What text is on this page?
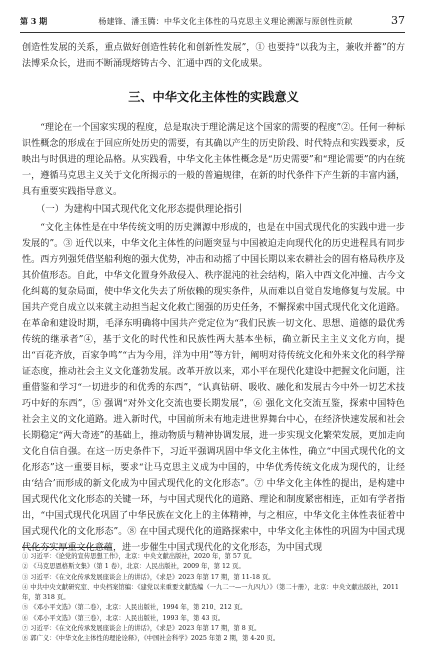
第 3 期	杨建锋、潘玉腾：中华文化主体性的马克思主义理论溯源与原创性贡献	37

创造性发展的关系，重点做好创造性转化和创新性发展”，① 也要持“以我为主，兼收并蓄”的方法博采众长，进而不断涌现熔铸古今、汇通中西的文化成果。

三、中华文化主体性的实践意义

“理论在一个国家实现的程度，总是取决于理论满足这个国家的需要的程度”②。任何一种标识性概念的形成在于回应所处历史的需要，有其确以产生的历史阶段、时代特点和实践要求，反映出与时俱进的理论品格。从实践看，中华文化主体性概念是“历史需要”和“理论需要”的内在统一，遵循马克思主义关于文化所揭示的一般的普遍规律，在新的时代条件下产生新的丰富内涵，具有重要实践指导意义。

（一）为建构中国式现代化文化形态提供理论指引

“文化主体性是在中华传统文明的历史渊源中形成的，也是在中国式现代化的实践中进一步发展的”。③ 近代以来，中华文化主体性的问题突显与中国被迫走向现代化的历史进程具有同步性。西方列强凭借坚船利炮的强大优势，冲击和动摇了中国长期以来农耕社会的固有格局秩序及其价值形态。自此，中华文化置身外敌侵入、秩序混沌的社会结构，陷入中西文化冲撞、古今文化纠葛的复杂局面，使中华文化失去了所依赖的现实条件，从而难以自觉自发地修复与发展。中国共产党自成立以来就主动担当起文化救亡图强的历史任务，不懈探索中国式现代化文化道路。在革命和建设时期，毛泽东明确将中国共产党定位为“我们民族一切文化、思想、道德的最优秀传统的继承者”④，基于文化的时代性和民族性两大基本坐标，确立新民主主义文化方向，提出“百花齐放，百家争鸣”“古为今用，洋为中用”等方针，阐明对待传统文化和外来文化的科学辩证态度，推动社会主义文化蓬勃发展。改革开放以来，邓小平在现代化建设中把握文化问题，注重借鉴和学习“一切进步的和优秀的东西”，“认真钻研、吸收、融化和发展古今中外一切艺术技巧中好的东西”，⑤ 强调“对外文化交流也要长期发展”，⑥ 强化文化交流互鉴，探索中国特色社会主义的文化道路。进入新时代，中国前所未有地走进世界舞台中心，在经济快速发展和社会长期稳定“两大奇迹”的基础上，推动物质与精神协调发展，进一步实现文化繁荣发展，更加走向文化自信自强。在这一历史条件下，习近平强调巩固中华文化主体性，确立“中国式现代化的文化形态”这一重要目标，要求“让马克思主义成为中国的，中华优秀传统文化成为现代的，让经由‘结合’而形成的新文化成为中国式现代化的文化形态”。⑦ 中华文化主体性的提出，是构建中国式现代化文化形态的关键一环，与中国式现代化的道路、理论和制度紧密相连，正如有学者指出，“中国式现代化巩固了中华民族在文化上的主体精神，与之相应，中华文化主体性表征着中国式现代化的文化形态”。⑧ 在中国式现代化的道路探索中，中华文化主体性的巩固为中国式现代化夯实厚重文化意蕴，进一步催生中国式现代化的文化形态，为中国式现

① 习近平：《论党的宣传思想工作》，北京：中央文献出版社，2020 年，第 57 页。

② 《马克思恩格斯文集》（第 1 卷），北京：人民出版社，2009 年，第 12 页。

③ 习近平：《在文化传承发展座谈会上的讲话》，《求是》2023 年第 17 期，第 11-18 页。

④ 中共中央文献研究室、中央档案馆编：《建党以来重要文献选编（一九二一—一九四九）》（第二十册），北京：中央文献出版社，2011 年，第 318 页。

⑤ 《邓小平文选》（第二卷），北京：人民出版社，1994 年，第 210、212 页。

⑥ 《邓小平文选》（第三卷），北京：人民出版社，1993 年，第 43 页。

⑦ 习近平：《在文化传承发展座谈会上的讲话》，《求是》2023 年第 17 期，第 8 页。

⑧ 郭广义：《中华文化主体性的理论诠释》，《中国社会科学》2025 年第 2 期，第 4-20 页。
